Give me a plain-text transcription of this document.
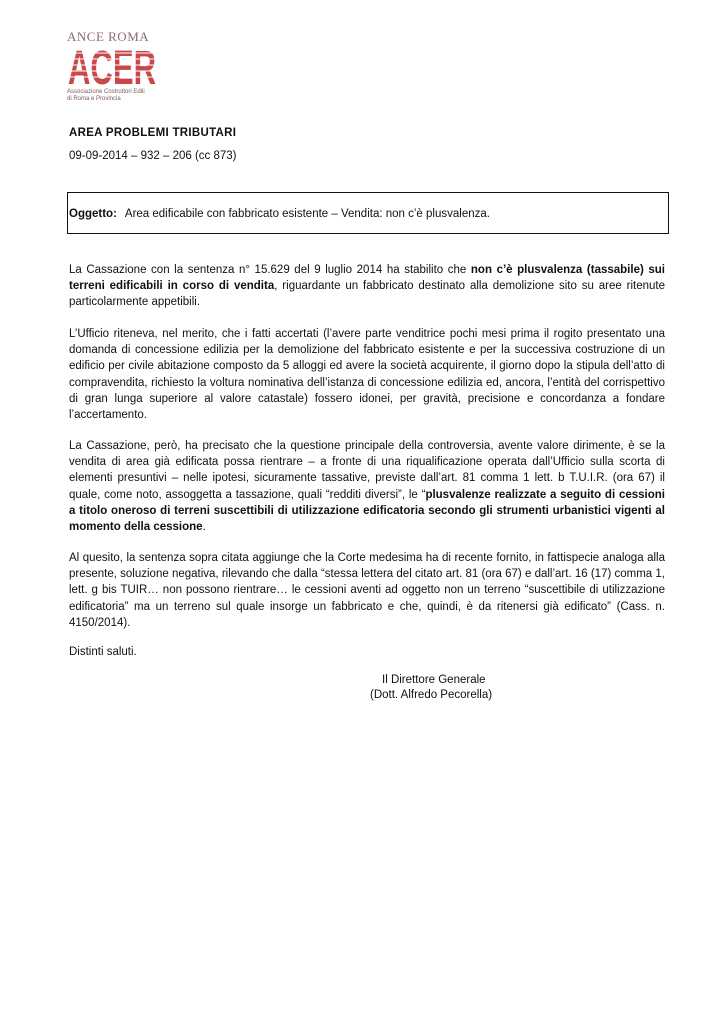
ANCE ROMA
ACER
Associazione Costruttori Edili
di Roma e Provincia
AREA PROBLEMI TRIBUTARI
09-09-2014 – 932 – 206 (cc 873)
Oggetto: Area edificabile con fabbricato esistente – Vendita: non c’è plusvalenza.
La Cassazione con la sentenza n° 15.629 del 9 luglio 2014 ha stabilito che non c’è plusvalenza (tassabile) sui terreni edificabili in corso di vendita, riguardante un fabbricato destinato alla demolizione sito su aree ritenute particolarmente appetibili.
L’Ufficio riteneva, nel merito, che i fatti accertati (l’avere parte venditrice pochi mesi prima il rogito presentato una domanda di concessione edilizia per la demolizione del fabbricato esistente e per la successiva costruzione di un edificio per civile abitazione composto da 5 alloggi ed avere la società acquirente, il giorno dopo la stipula dell’atto di compravendita, richiesto la voltura nominativa dell’istanza di concessione edilizia ed, ancora, l’entità del corrispettivo di gran lunga superiore al valore catastale) fossero idonei, per gravità, precisione e concordanza a fondare l’accertamento.
La Cassazione, però, ha precisato che la questione principale della controversia, avente valore dirimente, è se la vendita di area già edificata possa rientrare – a fronte di una riqualificazione operata dall’Ufficio sulla scorta di elementi presuntivi – nelle ipotesi, sicuramente tassative, previste dall’art. 81 comma 1 lett. b T.U.I.R. (ora 67) il quale, come noto, assoggetta a tassazione, quali “redditi diversi”, le “plusvalenze realizzate a seguito di cessioni a titolo oneroso di terreni suscettibili di utilizzazione edificatoria secondo gli strumenti urbanistici vigenti al momento della cessione.
Al quesito, la sentenza sopra citata aggiunge che la Corte medesima ha di recente fornito, in fattispecie analoga alla presente, soluzione negativa, rilevando che dalla “stessa lettera del citato art. 81 (ora 67) e dall’art. 16 (17) comma 1, lett. g bis TUIR… non possono rientrare… le cessioni aventi ad oggetto non un terreno “suscettibile di utilizzazione edificatoria” ma un terreno sul quale insorge un fabbricato e che, quindi, è da ritenersi già edificato” (Cass. n. 4150/2014).
Distinti saluti.
Il Direttore Generale
(Dott. Alfredo Pecorella)
